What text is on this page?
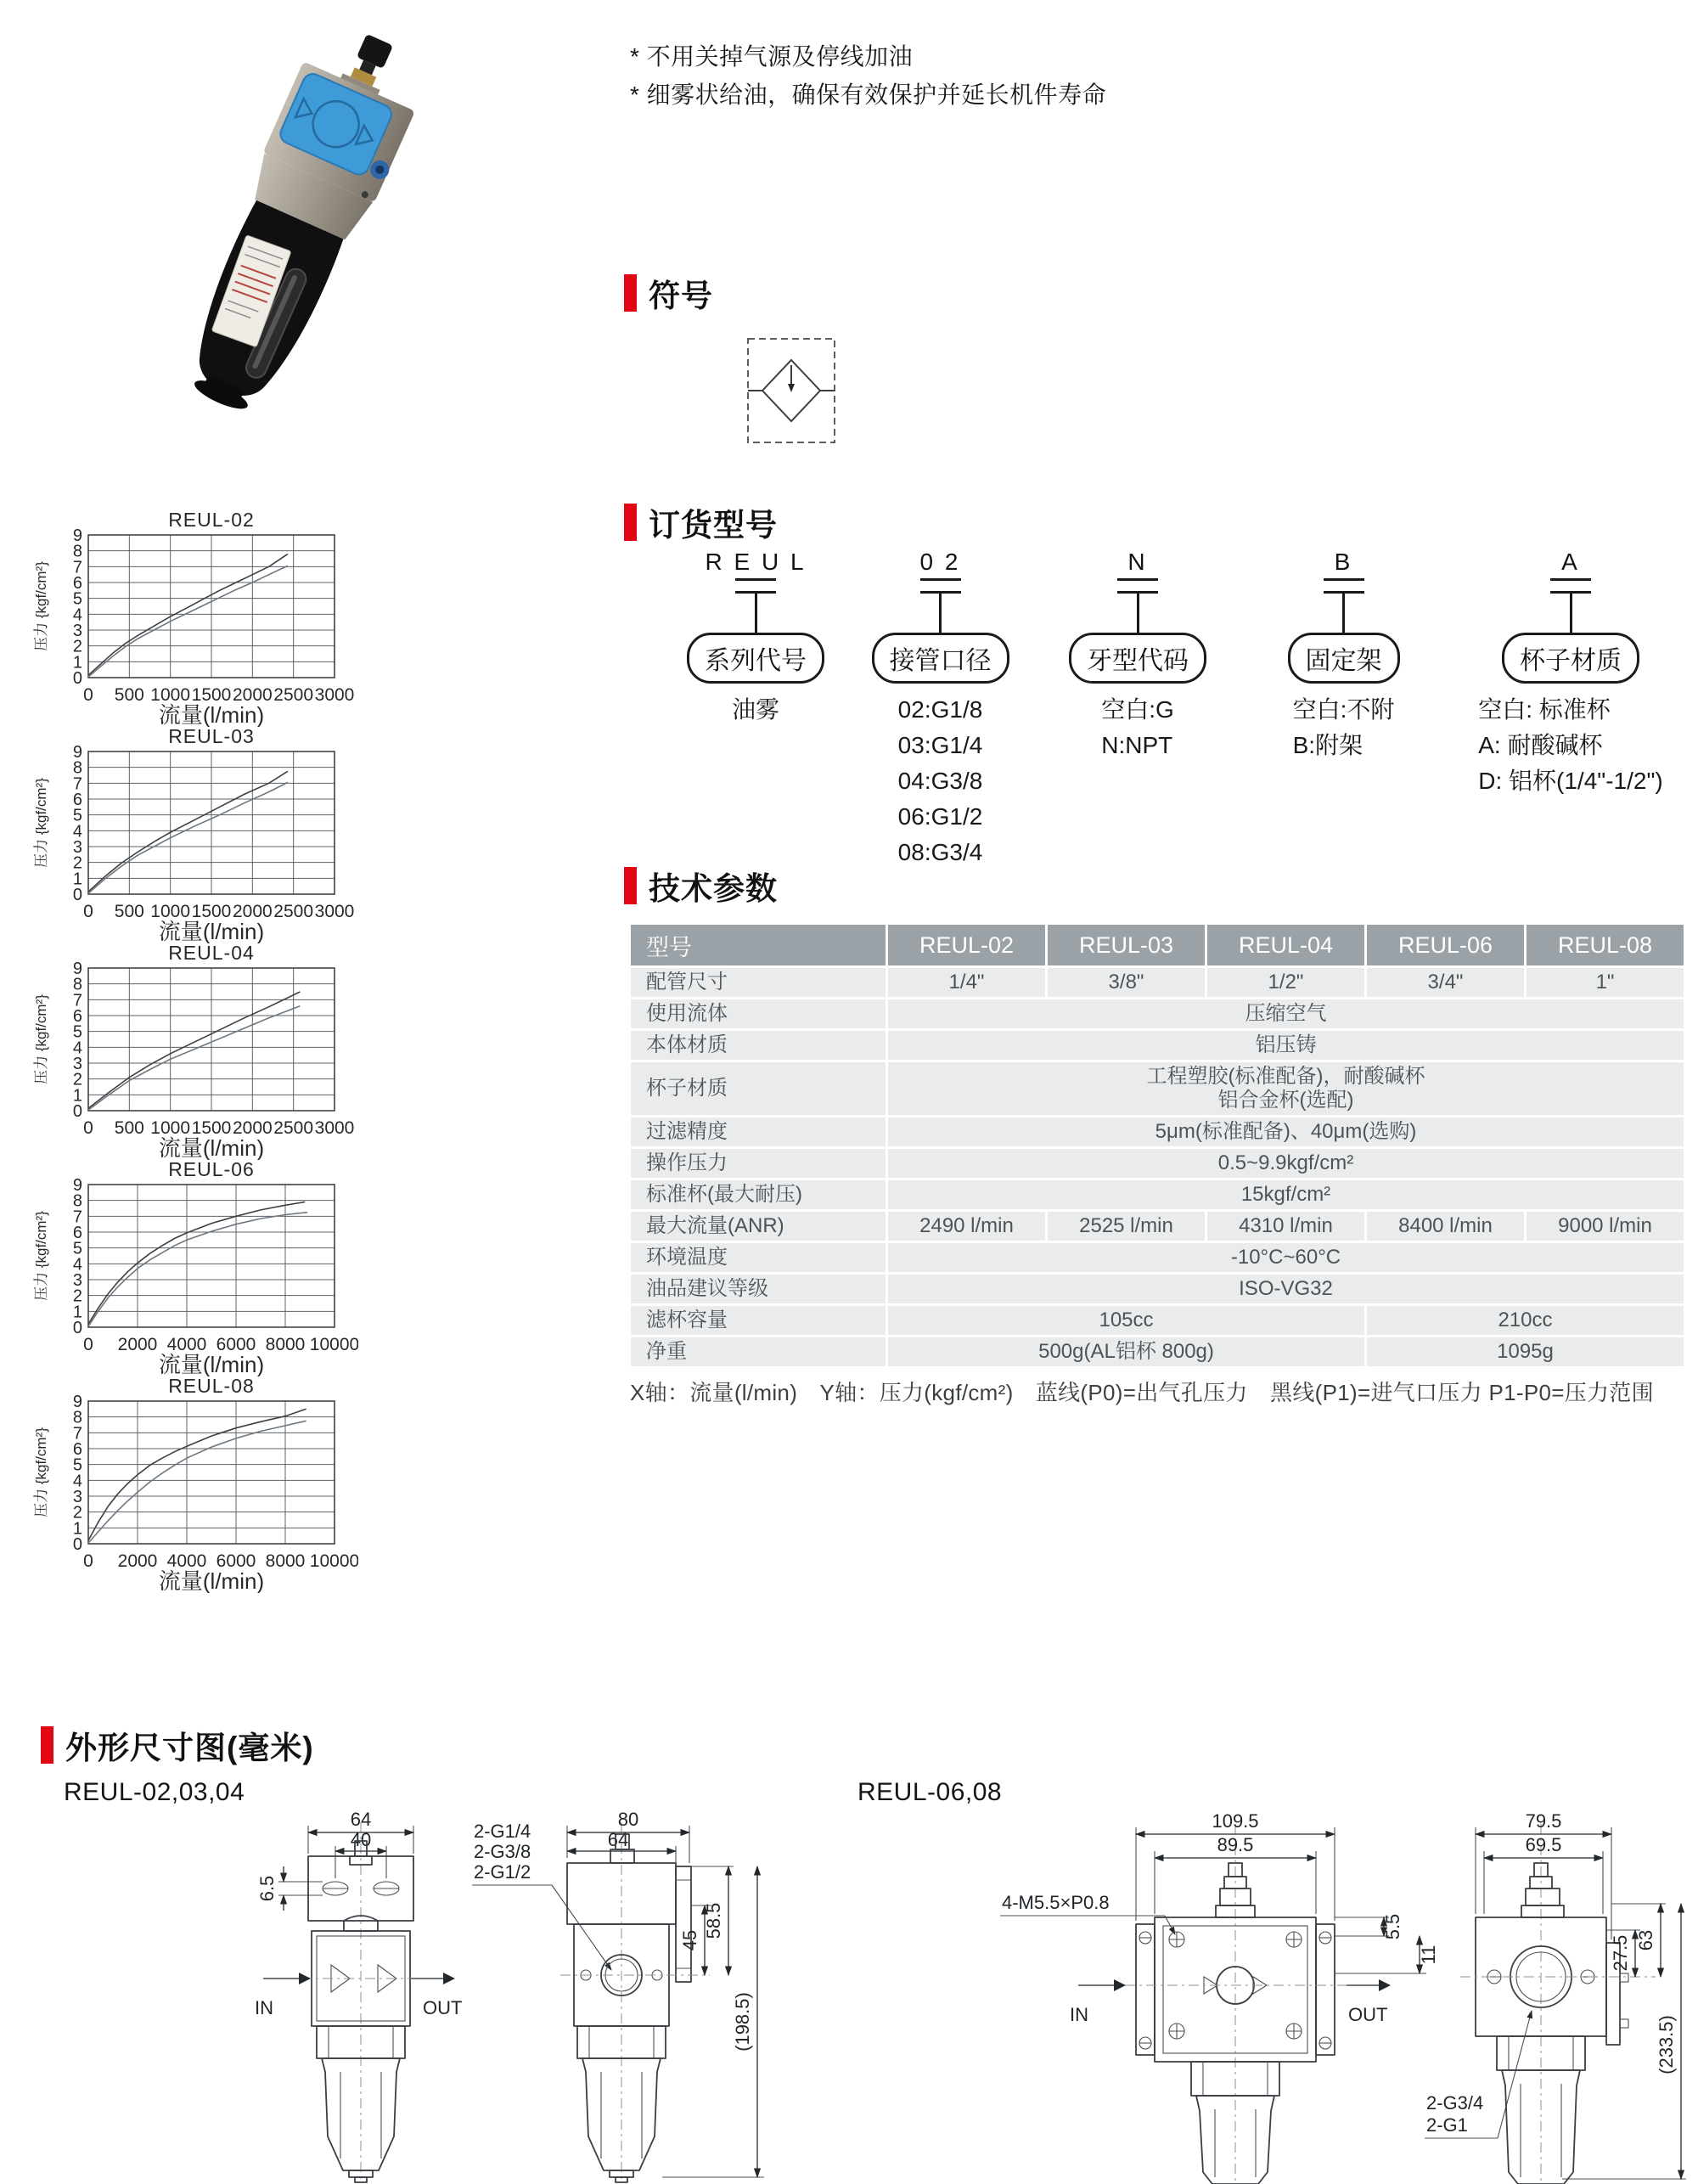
* 不用关掉气源及停线加油
* 细雾状给油，确保有效保护并延长机件寿命
符号
订货型号
R E U L
系列代号
油雾
0 2
接管口径
02:G1/8
03:G1/4
04:G3/8
06:G1/2
08:G3/4
N
牙型代码
空白:G
N:NPT
B
固定架
空白:不附
B:附架
A
杯子材质
空白: 标准杯
A: 耐酸碱杯
D: 铝杯(1/4"-1/2")
技术参数
型号	REUL-02	REUL-03	REUL-04	REUL-06	REUL-08
配管尺寸	1/4"	3/8"	1/2"	3/4"	1"
使用流体	压缩空气				
本体材质	铝压铸				
杯子材质	工程塑胶(标准配备)，耐酸碱杯
铝合金杯(选配)				

过滤精度	5μm(标准配备)、40μm(选购)				
操作压力	0.5~9.9kgf/cm²				
标准杯(最大耐压)	15kgf/cm²				
最大流量(ANR)	2490 l/min	2525 l/min	4310 l/min	8400 l/min	9000 l/min
环境温度	-10°C~60°C				
油品建议等级	ISO-VG32				
滤杯容量	105cc			210cc	
净重	500g(AL铝杯 800g)			1095g	
X轴：流量(l/min)　Y轴：压力(kgf/cm²)　蓝线(P0)=出气孔压力　黑线(P1)=进气口压力 P1-P0=压力范围
REUL-02
0
1
2
3
4
5
6
7
8
9
0 500 1000 1500 2000 2500 3000
流量(l/min)
压力 {kgf/cm²}
REUL-03
0
1
2
3
4
5
6
7
8
9
0 500 1000 1500 2000 2500 3000
流量(l/min)
压力 {kgf/cm²}
REUL-04
0
1
2
3
4
5
6
7
8
9
0 500 1000 1500 2000 2500 3000
流量(l/min)
压力 {kgf/cm²}
REUL-06
0
1
2
3
4
5
6
7
8
9
0 2000 4000 6000 8000 10000
流量(l/min)
压力 {kgf/cm²}
REUL-08
0
1
2
3
4
5
6
7
8
9
0 2000 4000 6000 8000 10000
流量(l/min)
压力 {kgf/cm²}
外形尺寸图(毫米)
REUL-02,03,04	REUL-06,08
64
40
6.5
IN	OUT
80
64
2-G1/4
2-G3/8
2-G1/2
45
58.5
(198.5)
109.5
89.5
4-M5.5×P0.8
IN	OUT
5.5
11
79.5
69.5
27.5 63
(233.5)
2-G3/4
2-G1
